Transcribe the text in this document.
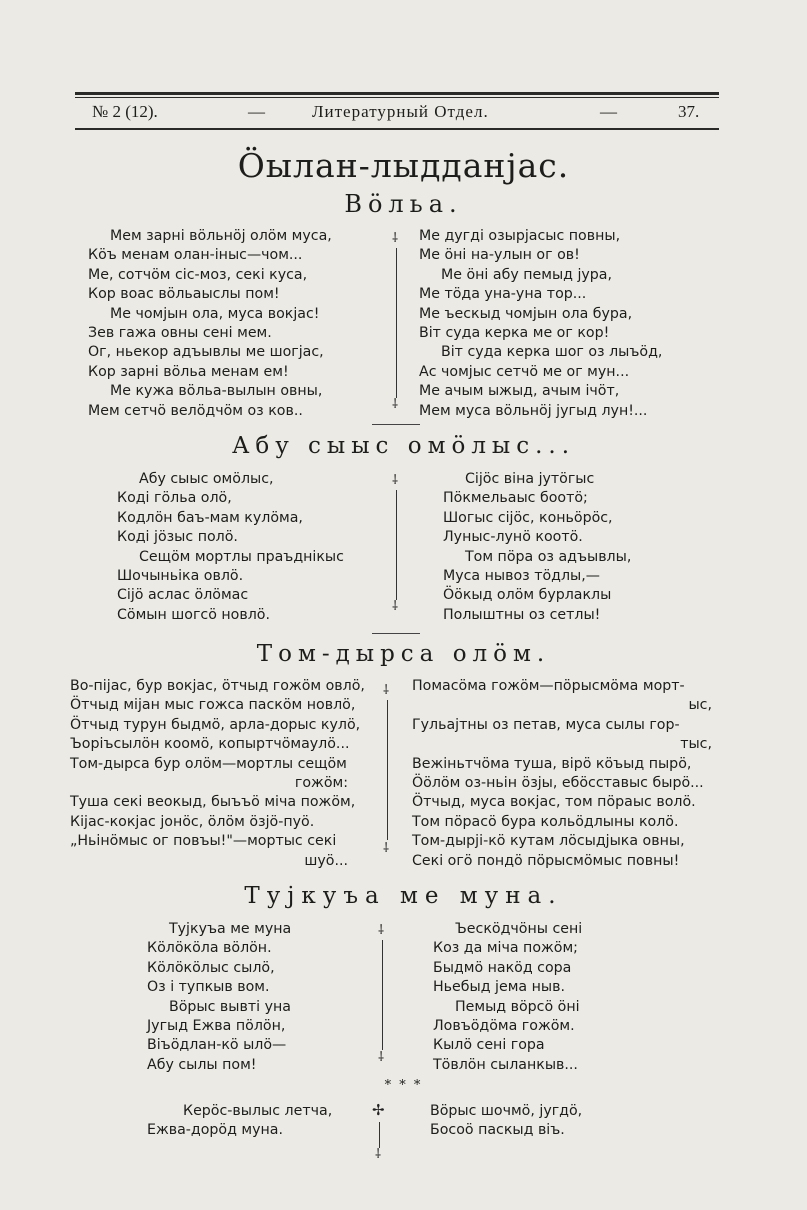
№ 2 (12).	—	Литературный Отдел.	—	37.
Ӧылан-лыдданjас.
Вӧльа.
Мем зарнi вӧльнӧj олӧм муса,
Кӧъ менам олан-iныс—чом...
Ме, сотчӧм сiс-моз, секi куса,
Кор воас вӧльаыслы пом!
Ме чомjын ола, муса вокjас!
Зев гажа овны сенi мем.
Ог, ньекор адъывлы ме шогjас,
Кор зарнi вӧльа менам ем!
Ме кужа вӧльа-вылын овны,
Мем сетчӧ велӧдчӧм оз ков..
⸸
⸸
Ме дугдi озырjасыс повны,
Ме ӧнi на-улын ог ов!
Ме ӧнi абу пемыд jура,
Ме тӧда уна-уна тор...
Ме ъескыд чомjын ола бура,
Вiт суда керка ме ог кор!
Вiт суда керка шог оз лыъӧд,
Ас чомjыс сетчӧ ме ог мун...
Ме ачым ыжыд, ачым iчӧт,
Мем муса вӧльнӧj југыд лун!...
Абу сыыс омӧлыс...
Абу сыыс омӧлыс,
Кодi гӧльа олӧ,
Кодлӧн баъ-мам кулӧма,
Кодi jӧзыс полӧ.
Сещӧм мортлы праъднiкыс
Шочыньiка овлӧ.
Сiјӧ аслас ӧлӧмас
Сӧмын шогсӧ новлӧ.
⸸
⸸
Сiјӧс вiна jутӧгыс
Пӧкмельаыс боотӧ;
Шогыс сiјӧс, коньӧрӧс,
Луныс-лунӧ коотӧ.
Том пӧра оз адъывлы,
Муса нывоз тӧдлы,—
Ӧӧкыд олӧм бурлаклы
Полыштны оз сетлы!
Том-дырса олӧм.
Во-пiјас, бур вокjас, ӧтчыд гожӧм овлӧ,
Ӧтчыд мiјан мыс гожса паскӧм новлӧ,
Ӧтчыд турун быдмӧ, арла-дорыс кулӧ,
Ъорiъсылӧн коомӧ, копыртчӧмаулӧ...
Том-дырса бур олӧм—мортлы сещӧм
гожӧм:
Туша секi веокыд, быъъӧ мiча пожӧм,
Кiјас-кокjас jонӧс, ӧлӧм ӧзjӧ-пуӧ.
„Ньiнӧмыс ог повъы!"—мортыс секi
шуӧ...
⸸
⸸
Помасӧма гожӧм—пӧрысмӧма морт-
ыс,
Гульаjтны оз петав, муса сылы гор-
тыс,
Вежiньтчӧма туша, вiрӧ кӧъыд пырӧ,
Ӧӧлӧм оз-ньiн ӧзjы, ебӧсставыс бырӧ...
Ӧтчыд, муса вокjас, том пӧраыс волӧ.
Том пӧрасӧ бура кольӧдлыны колӧ.
Том-дырji-кӧ кутам лӧсыдjыка овны,
Секi огӧ пондӧ пӧрысмӧмыс повны!
Тујкуъа ме муна.
Тујкуъа ме муна
Кӧлӧкӧла вӧлӧн.
Кӧлӧкӧлыс сылӧ,
Оз i тупкыв вом.
Вӧрыс вывтi уна
Југыд Ежва пӧлӧн,
Вiъӧдлан-кӧ ылӧ—
Абу сылы пом!
⸸
⸸
Ъескӧдчӧны сенi
Коз да мiча пожӧм;
Быдмӧ накӧд сора
Ньебыд jема ныв.
Пемыд вӧрсӧ ӧнi
Ловъӧдӧма гожӧм.
Кылӧ сенi гора
Тӧвлӧн сыланкыв...
* * *
Керӧс-вылыс летча,
Ежва-дорӧд муна.
✢
⸸
Вӧрыс шочмӧ, jугдӧ,
Босоӧ паскыд вiъ.
